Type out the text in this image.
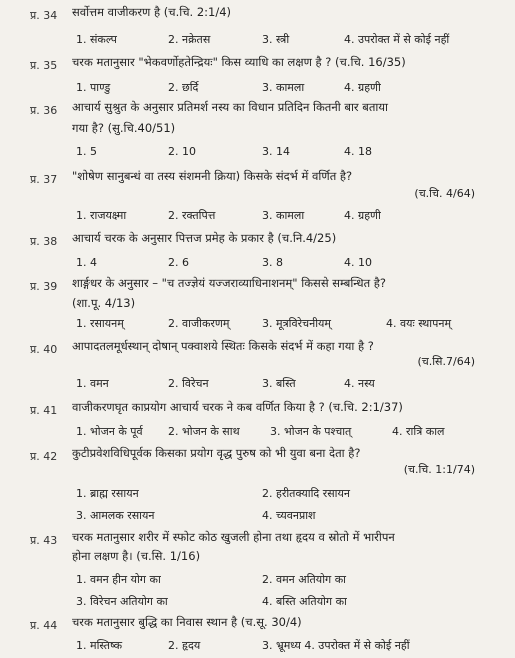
प्र. 34 सर्वोत्तम वाजीकरण है (च.चि. 2:1/4)
1. संकल्प	2. नक्रेतस	3. स्त्री	4. उपरोक्त में से कोई नहीं
प्र. 35 चरक मतानुसार "भेकवर्णोहतेन्द्रियः" किस व्याधि का लक्षण है ? (च.चि. 16/35)
1. पाण्डु	2. छर्दि	3. कामला	4. ग्रहणी
प्र. 36 आचार्य सुश्रुत के अनुसार प्रतिमर्श नस्य का विधान प्रतिदिन कितनी बार बताया
गया है? (सु.चि.40/51)
1. 5	2. 10	3. 14	4. 18
प्र. 37 "शोषेण सानुबन्धं वा तस्य संशमनी क्रिया) किसके संदर्भ में वर्णित है?
(च.चि. 4/64)
1. राजयक्ष्मा	2. रक्तपित्त	3. कामला	4. ग्रहणी
प्र. 38 आचार्य चरक के अनुसार पित्तज प्रमेह के प्रकार है (च.नि.4/25)
1. 4	2. 6	3. 8	4. 10
प्र. 39 शार्ङ्गधर के अनुसार – "च तज्ज्ञेयं यज्जराव्याधिनाशनम्" किससे सम्बन्धित है?
(शा.पू. 4/13)
1. रसायनम्	2. वाजीकरणम्	3. मूत्रविरेचनीयम्	4. वयः स्थापनम्
प्र. 40 आपादतलमूर्धस्थान् दोषान् पक्वाशये स्थितः किसके संदर्भ में कहा गया है ?
(च.सि.7/64)
1. वमन	2. विरेचन	3. बस्ति	4. नस्य
प्र. 41 वाजीकरणघृत काप्रयोग आचार्य चरक ने कब वर्णित किया है ? (च.चि. 2:1/37)
1. भोजन के पूर्व 2. भोजन के साथ	3. भोजन के पश्चात्	4. रात्रि काल
प्र. 42 कुटीप्रवेशविधिपूर्वक किसका प्रयोग वृद्ध पुरुष को भी युवा बना देता है?
(च.चि. 1:1/74)
1. ब्राह्म रसायन	2. हरीतक्यादि रसायन
3. आमलक रसायन	4. च्यवनप्राश
प्र. 43 चरक मतानुसार शरीर में स्फोट कोठ खुजली होना तथा हृदय व स्रोतो में भारीपन
होना लक्षण है। (च.सि. 1/16)
1. वमन हीन योग का	2. वमन अतियोग का
3. विरेचन अतियोग का	4. बस्ति अतियोग का
प्र. 44 चरक मतानुसार बुद्धि का निवास स्थान है (च.सू. 30/4)
1. मस्तिष्क	2. हृदय	3. भ्रूमध्य 4. उपरोक्त में से कोई नहीं
